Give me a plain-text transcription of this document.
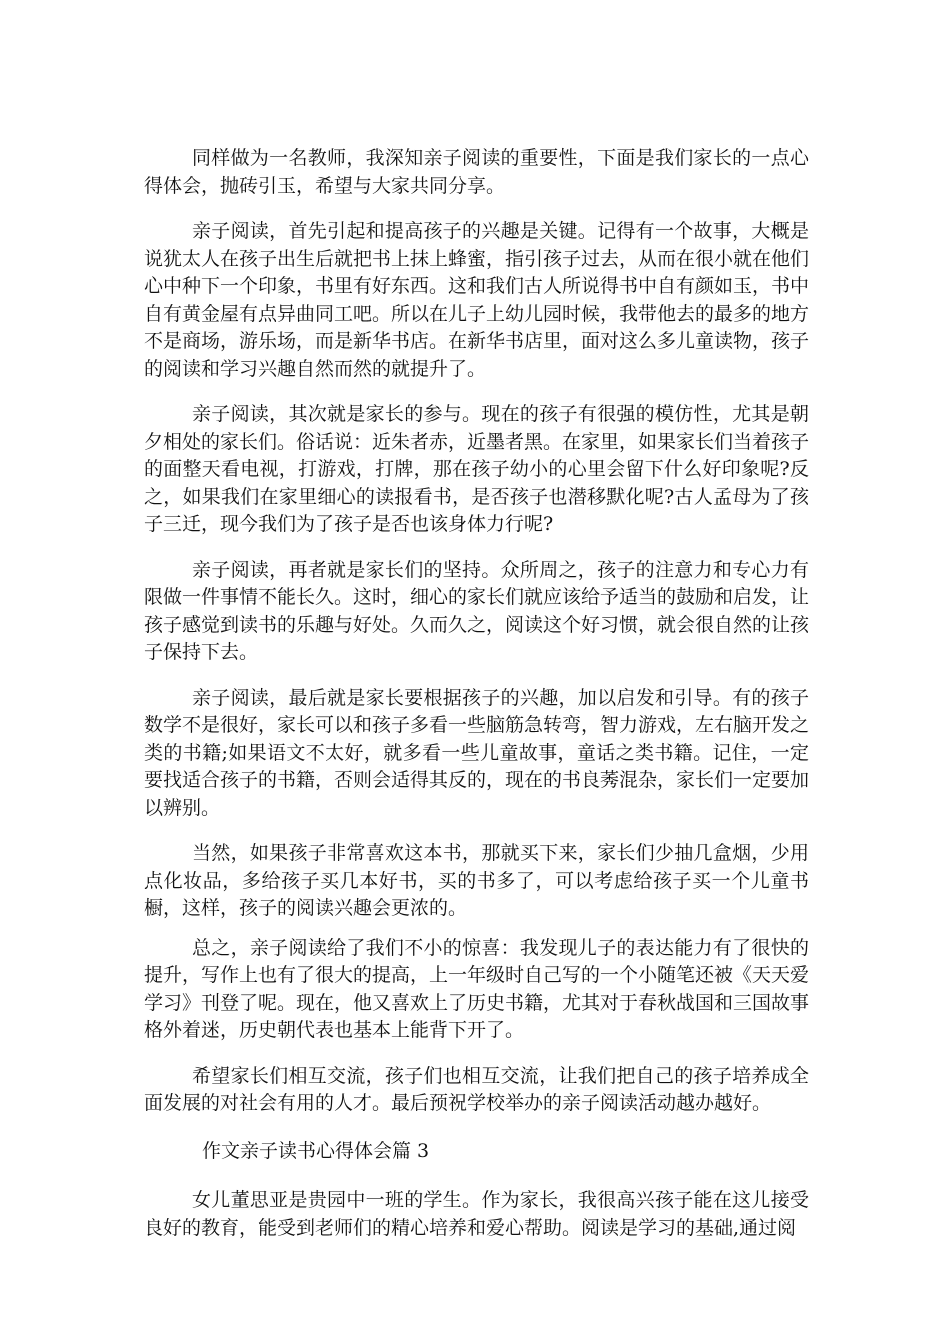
同样做为一名教师，我深知亲子阅读的重要性，下面是我们家长的一点心得体会，抛砖引玉，希望与大家共同分享。

亲子阅读，首先引起和提高孩子的兴趣是关键。记得有一个故事，大概是说犹太人在孩子出生后就把书上抹上蜂蜜，指引孩子过去，从而在很小就在他们心中种下一个印象，书里有好东西。这和我们古人所说得书中自有颜如玉，书中自有黄金屋有点异曲同工吧。所以在儿子上幼儿园时候，我带他去的最多的地方不是商场，游乐场，而是新华书店。在新华书店里，面对这么多儿童读物，孩子的阅读和学习兴趣自然而然的就提升了。

亲子阅读，其次就是家长的参与。现在的孩子有很强的模仿性，尤其是朝夕相处的家长们。俗话说：近朱者赤，近墨者黑。在家里，如果家长们当着孩子的面整天看电视，打游戏，打牌，那在孩子幼小的心里会留下什么好印象呢?反之，如果我们在家里细心的读报看书，是否孩子也潜移默化呢?古人孟母为了孩子三迁，现今我们为了孩子是否也该身体力行呢?

亲子阅读，再者就是家长们的坚持。众所周之，孩子的注意力和专心力有限做一件事情不能长久。这时，细心的家长们就应该给予适当的鼓励和启发，让孩子感觉到读书的乐趣与好处。久而久之，阅读这个好习惯，就会很自然的让孩子保持下去。

亲子阅读，最后就是家长要根据孩子的兴趣，加以启发和引导。有的孩子数学不是很好，家长可以和孩子多看一些脑筋急转弯，智力游戏，左右脑开发之类的书籍;如果语文不太好，就多看一些儿童故事，童话之类书籍。记住，一定要找适合孩子的书籍，否则会适得其反的，现在的书良莠混杂，家长们一定要加以辨别。

当然，如果孩子非常喜欢这本书，那就买下来，家长们少抽几盒烟，少用点化妆品，多给孩子买几本好书，买的书多了，可以考虑给孩子买一个儿童书橱，这样，孩子的阅读兴趣会更浓的。

总之，亲子阅读给了我们不小的惊喜：我发现儿子的表达能力有了很快的提升，写作上也有了很大的提高，上一年级时自己写的一个小随笔还被《天天爱学习》刊登了呢。现在，他又喜欢上了历史书籍，尤其对于春秋战国和三国故事格外着迷，历史朝代表也基本上能背下开了。

希望家长们相互交流，孩子们也相互交流，让我们把自己的孩子培养成全面发展的对社会有用的人才。最后预祝学校举办的亲子阅读活动越办越好。

作文亲子读书心得体会篇 3

女儿董思亚是贵园中一班的学生。作为家长，我很高兴孩子能在这儿接受良好的教育，能受到老师们的精心培养和爱心帮助。阅读是学习的基础,通过阅
